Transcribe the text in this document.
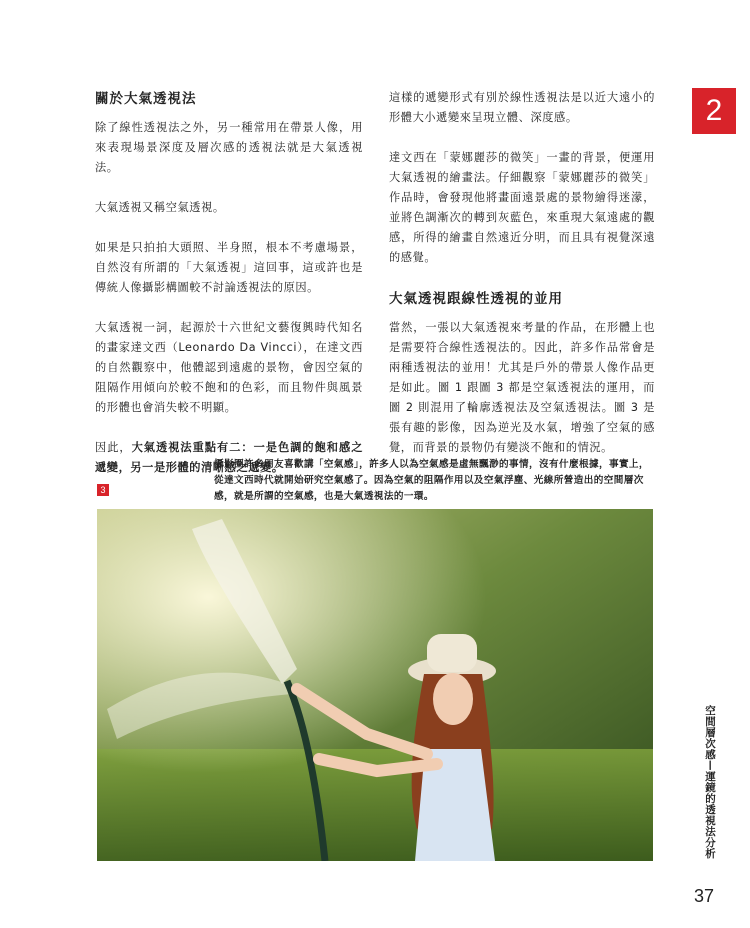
關於大氣透視法

除了線性透視法之外，另一種常用在帶景人像，用來表現場景深度及層次感的透視法就是大氣透視法。

大氣透視又稱空氣透視。

如果是只拍拍大頭照、半身照，根本不考慮場景，自然沒有所謂的「大氣透視」這回事，這或許也是傳統人像攝影構圖較不討論透視法的原因。

大氣透視一詞，起源於十六世紀文藝復興時代知名的畫家達文西（Leonardo Da Vincci），在達文西的自然觀察中，他體認到遠處的景物，會因空氣的阻隔作用傾向於較不飽和的色彩，而且物件與風景的形體也會消失較不明顯。

因此，大氣透視法重點有二：一是色調的飽和感之遞變，另一是形體的清晰感之遞變。

這樣的遞變形式有別於線性透視法是以近大遠小的形體大小遞變來呈現立體、深度感。

達文西在「蒙娜麗莎的微笑」一畫的背景，便運用大氣透視的繪畫法。仔細觀察「蒙娜麗莎的微笑」作品時，會發現他將畫面遠景處的景物繪得迷濛，並將色調漸次的轉到灰藍色，來重現大氣遠處的觀感，所得的繪畫自然遠近分明，而且具有視覺深遠的感覺。

大氣透視跟線性透視的並用

當然，一張以大氣透視來考量的作品，在形體上也是需要符合線性透視法的。因此，許多作品常會是兩種透視法的並用！尤其是戶外的帶景人像作品更是如此。圖 1 跟圖 3 都是空氣透視法的運用，而圖 2 則混用了輪廓透視法及空氣透視法。圖 3 是張有趣的影像，因為逆光及水氣，增強了空氣的感覺，而背景的景物仍有變淡不飽和的情況。

2
攝影圈許多朋友喜歡講「空氣感」，許多人以為空氣感是虛無飄渺的事情，沒有什麼根據，事實上，從達文西時代就開始研究空氣感了。因為空氣的阻隔作用以及空氣浮塵、光線所營造出的空間層次感，就是所謂的空氣感，也是大氣透視法的一環。
3
空間層次感—運鏡的透視法分析
37
